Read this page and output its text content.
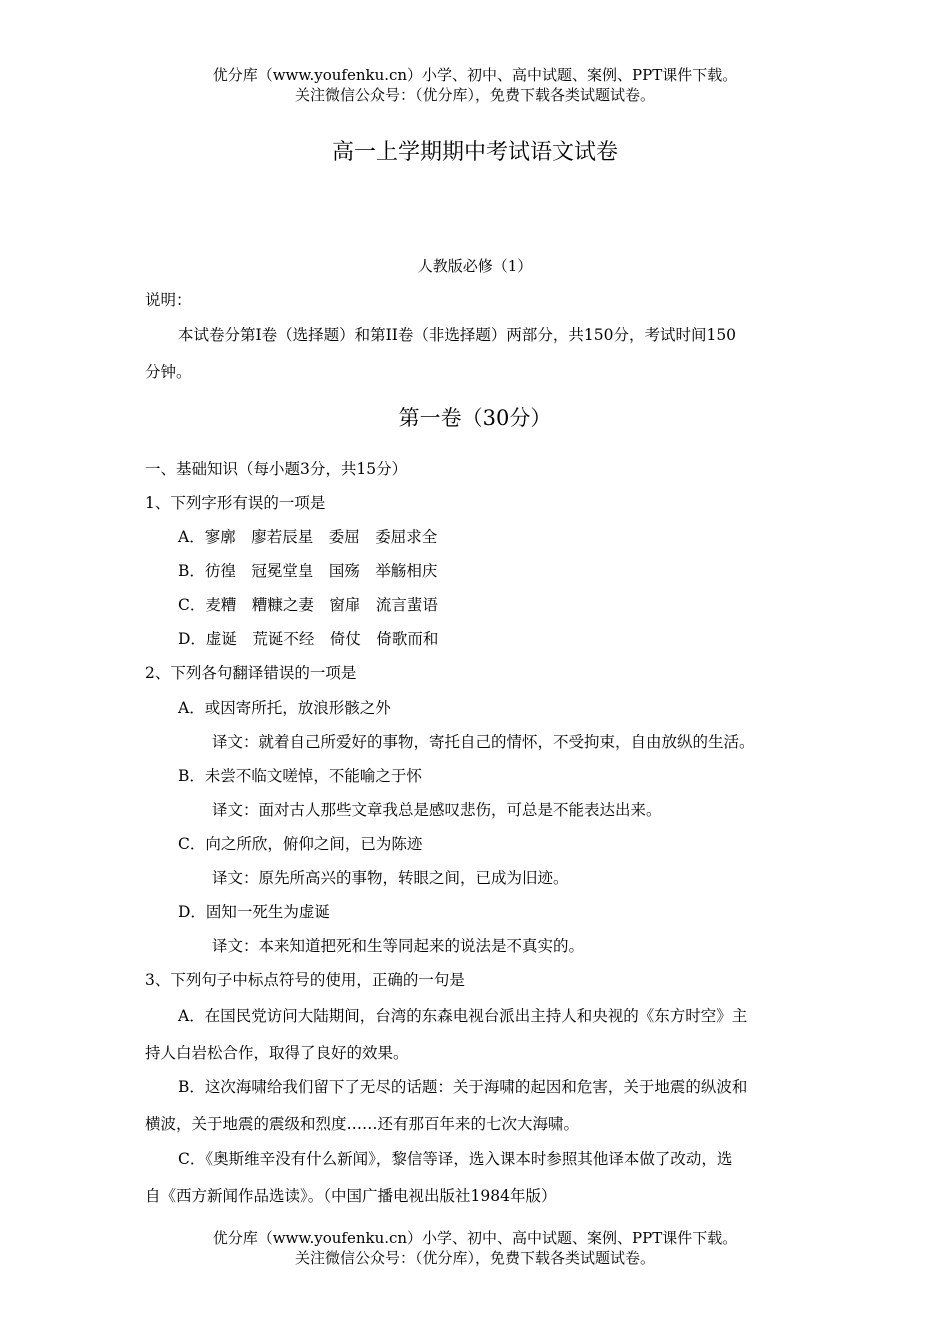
优分库（www.youfenku.cn）小学、初中、高中试题、案例、PPT课件下载。
关注微信公众号：（优分库），免费下载各类试题试卷。
高一上学期期中考试语文试卷
人教版必修（1）
说明：
本试卷分第I卷（选择题）和第II卷（非选择题）两部分，共150分，考试时间150
分钟。
第一卷（30分）
一、基础知识（每小题3分，共15分）
1、下列字形有误的一项是
A．寥廓　廖若辰星　委屈　委屈求全
B．彷徨　冠冕堂皇　国殇　举觞相庆
C．麦糟　糟糠之妻　窗扉　流言蜚语
D．虚诞　荒诞不经　倚仗　倚歌而和
2、下列各句翻译错误的一项是
A．或因寄所托，放浪形骸之外
译文：就着自己所爱好的事物，寄托自己的情怀，不受拘束，自由放纵的生活。
B．未尝不临文嗟悼，不能喻之于怀
译文：面对古人那些文章我总是感叹悲伤，可总是不能表达出来。
C．向之所欣，俯仰之间，已为陈迹
译文：原先所高兴的事物，转眼之间，已成为旧迹。
D．固知一死生为虚诞
译文：本来知道把死和生等同起来的说法是不真实的。
3、下列句子中标点符号的使用，正确的一句是
A．在国民党访问大陆期间，台湾的东森电视台派出主持人和央视的《东方时空》主
持人白岩松合作，取得了良好的效果。
B．这次海啸给我们留下了无尽的话题：关于海啸的起因和危害，关于地震的纵波和
横波，关于地震的震级和烈度……还有那百年来的七次大海啸。
C．《奥斯维辛没有什么新闻》，黎信等译，选入课本时参照其他译本做了改动，选
自《西方新闻作品选读》。（中国广播电视出版社1984年版）
优分库（www.youfenku.cn）小学、初中、高中试题、案例、PPT课件下载。
关注微信公众号：（优分库），免费下载各类试题试卷。
